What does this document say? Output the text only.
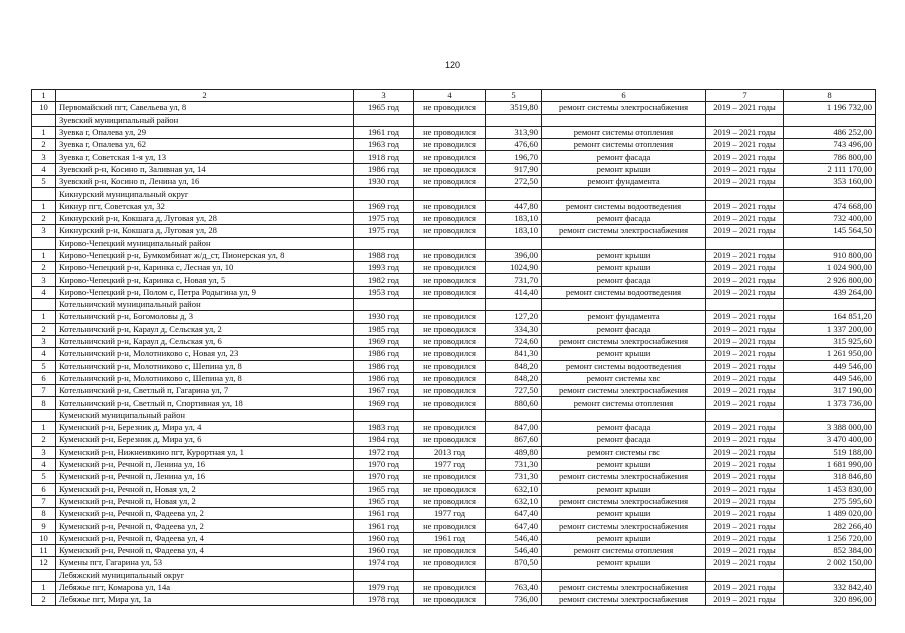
120
1	2	3	4	5	6	7	8
10	Первомайский пгт, Савельева ул, 8	1965 год	не проводился	3519,80	ремонт системы электроснабжения	2019 – 2021 годы	1 196 732,00
	Зуевский муниципальный район						
1	Зуевка г, Опалева ул, 29	1961 год	не проводился	313,90	ремонт системы отопления	2019 – 2021 годы	486 252,00
2	Зуевка г, Опалева ул, 62	1963 год	не проводился	476,60	ремонт системы отопления	2019 – 2021 годы	743 496,00
3	Зуевка г, Советская 1-я ул, 13	1918 год	не проводился	196,70	ремонт фасада	2019 – 2021 годы	786 800,00
4	Зуевский р-н, Косино п, Заливная ул, 14	1986 год	не проводился	917,90	ремонт крыши	2019 – 2021 годы	2 111 170,00
5	Зуевский р-н, Косино п, Ленина ул, 16	1930 год	не проводился	272,50	ремонт фундамента	2019 – 2021 годы	353 160,00
	Кикнурский муниципальный округ						
1	Кикнур пгт, Советская ул, 32	1969 год	не проводился	447,80	ремонт системы водоотведения	2019 – 2021 годы	474 668,00
2	Кикнурский р-н, Кокшага д, Луговая ул, 28	1975 год	не проводился	183,10	ремонт фасада	2019 – 2021 годы	732 400,00
3	Кикнурский р-н, Кокшага д, Луговая ул, 28	1975 год	не проводился	183,10	ремонт системы электроснабжения	2019 – 2021 годы	145 564,50
	Кирово-Чепецкий муниципальный район						
1	Кирово-Чепецкий р-н, Бумкомбинат ж/д_ст, Пионерская ул, 8	1988 год	не проводился	396,00	ремонт крыши	2019 – 2021 годы	910 800,00
2	Кирово-Чепецкий р-н, Каринка с, Лесная ул, 10	1993 год	не проводился	1024,90	ремонт крыши	2019 – 2021 годы	1 024 900,00
3	Кирово-Чепецкий р-н, Каринка с, Новая ул, 5	1982 год	не проводился	731,70	ремонт фасада	2019 – 2021 годы	2 926 800,00
4	Кирово-Чепецкий р-н, Полом с, Петра Родыгина ул, 9	1953 год	не проводился	414,40	ремонт системы водоотведения	2019 – 2021 годы	439 264,00
	Котельничский муниципальный район						
1	Котельничский р-н, Богомоловы д, 3	1930 год	не проводился	127,20	ремонт фундамента	2019 – 2021 годы	164 851,20
2	Котельничский р-н, Караул д, Сельская ул, 2	1985 год	не проводился	334,30	ремонт фасада	2019 – 2021 годы	1 337 200,00
3	Котельничский р-н, Караул д, Сельская ул, 6	1969 год	не проводился	724,60	ремонт системы электроснабжения	2019 – 2021 годы	315 925,60
4	Котельничский р-н, Молотниково с, Новая ул, 23	1986 год	не проводился	841,30	ремонт крыши	2019 – 2021 годы	1 261 950,00
5	Котельничский р-н, Молотниково с, Шепина ул, 8	1986 год	не проводился	848,20	ремонт системы водоотведения	2019 – 2021 годы	449 546,00
6	Котельничский р-н, Молотниково с, Шепина ул, 8	1986 год	не проводился	848,20	ремонт системы хвс	2019 – 2021 годы	449 546,00
7	Котельничский р-н, Светлый п, Гагарина ул, 7	1967 год	не проводился	727,50	ремонт системы электроснабжения	2019 – 2021 годы	317 190,00
8	Котельничский р-н, Светлый п, Спортивная ул, 18	1969 год	не проводился	880,60	ремонт системы отопления	2019 – 2021 годы	1 373 736,00
	Куменский муниципальный район						
1	Куменский р-н, Березник д, Мира ул, 4	1983 год	не проводился	847,00	ремонт фасада	2019 – 2021 годы	3 388 000,00
2	Куменский р-н, Березник д, Мира ул, 6	1984 год	не проводился	867,60	ремонт фасада	2019 – 2021 годы	3 470 400,00
3	Куменский р-н, Нижнеивкино пгт, Курортная ул, 1	1972 год	2013 год	489,80	ремонт системы гвс	2019 – 2021 годы	519 188,00
4	Куменский р-н, Речной п, Ленина ул, 16	1970 год	1977 год	731,30	ремонт крыши	2019 – 2021 годы	1 681 990,00
5	Куменский р-н, Речной п, Ленина ул, 16	1970 год	не проводился	731,30	ремонт системы электроснабжения	2019 – 2021 годы	318 846,80
6	Куменский р-н, Речной п, Новая ул, 2	1965 год	не проводился	632,10	ремонт крыши	2019 – 2021 годы	1 453 830,00
7	Куменский р-н, Речной п, Новая ул, 2	1965 год	не проводился	632,10	ремонт системы электроснабжения	2019 – 2021 годы	275 595,60
8	Куменский р-н, Речной п, Фадеева ул, 2	1961 год	1977 год	647,40	ремонт крыши	2019 – 2021 годы	1 489 020,00
9	Куменский р-н, Речной п, Фадеева ул, 2	1961 год	не проводился	647,40	ремонт системы электроснабжения	2019 – 2021 годы	282 266,40
10	Куменский р-н, Речной п, Фадеева ул, 4	1960 год	1961 год	546,40	ремонт крыши	2019 – 2021 годы	1 256 720,00
11	Куменский р-н, Речной п, Фадеева ул, 4	1960 год	не проводился	546,40	ремонт системы отопления	2019 – 2021 годы	852 384,00
12	Кумены пгт, Гагарина ул, 53	1974 год	не проводился	870,50	ремонт крыши	2019 – 2021 годы	2 002 150,00
	Лебяжский муниципальный округ						
1	Лебяжье пгт, Комарова ул, 14а	1979 год	не проводился	763,40	ремонт системы электроснабжения	2019 – 2021 годы	332 842,40
2	Лебяжье пгт, Мира ул, 1а	1978 год	не проводился	736,00	ремонт системы электроснабжения	2019 – 2021 годы	320 896,00
